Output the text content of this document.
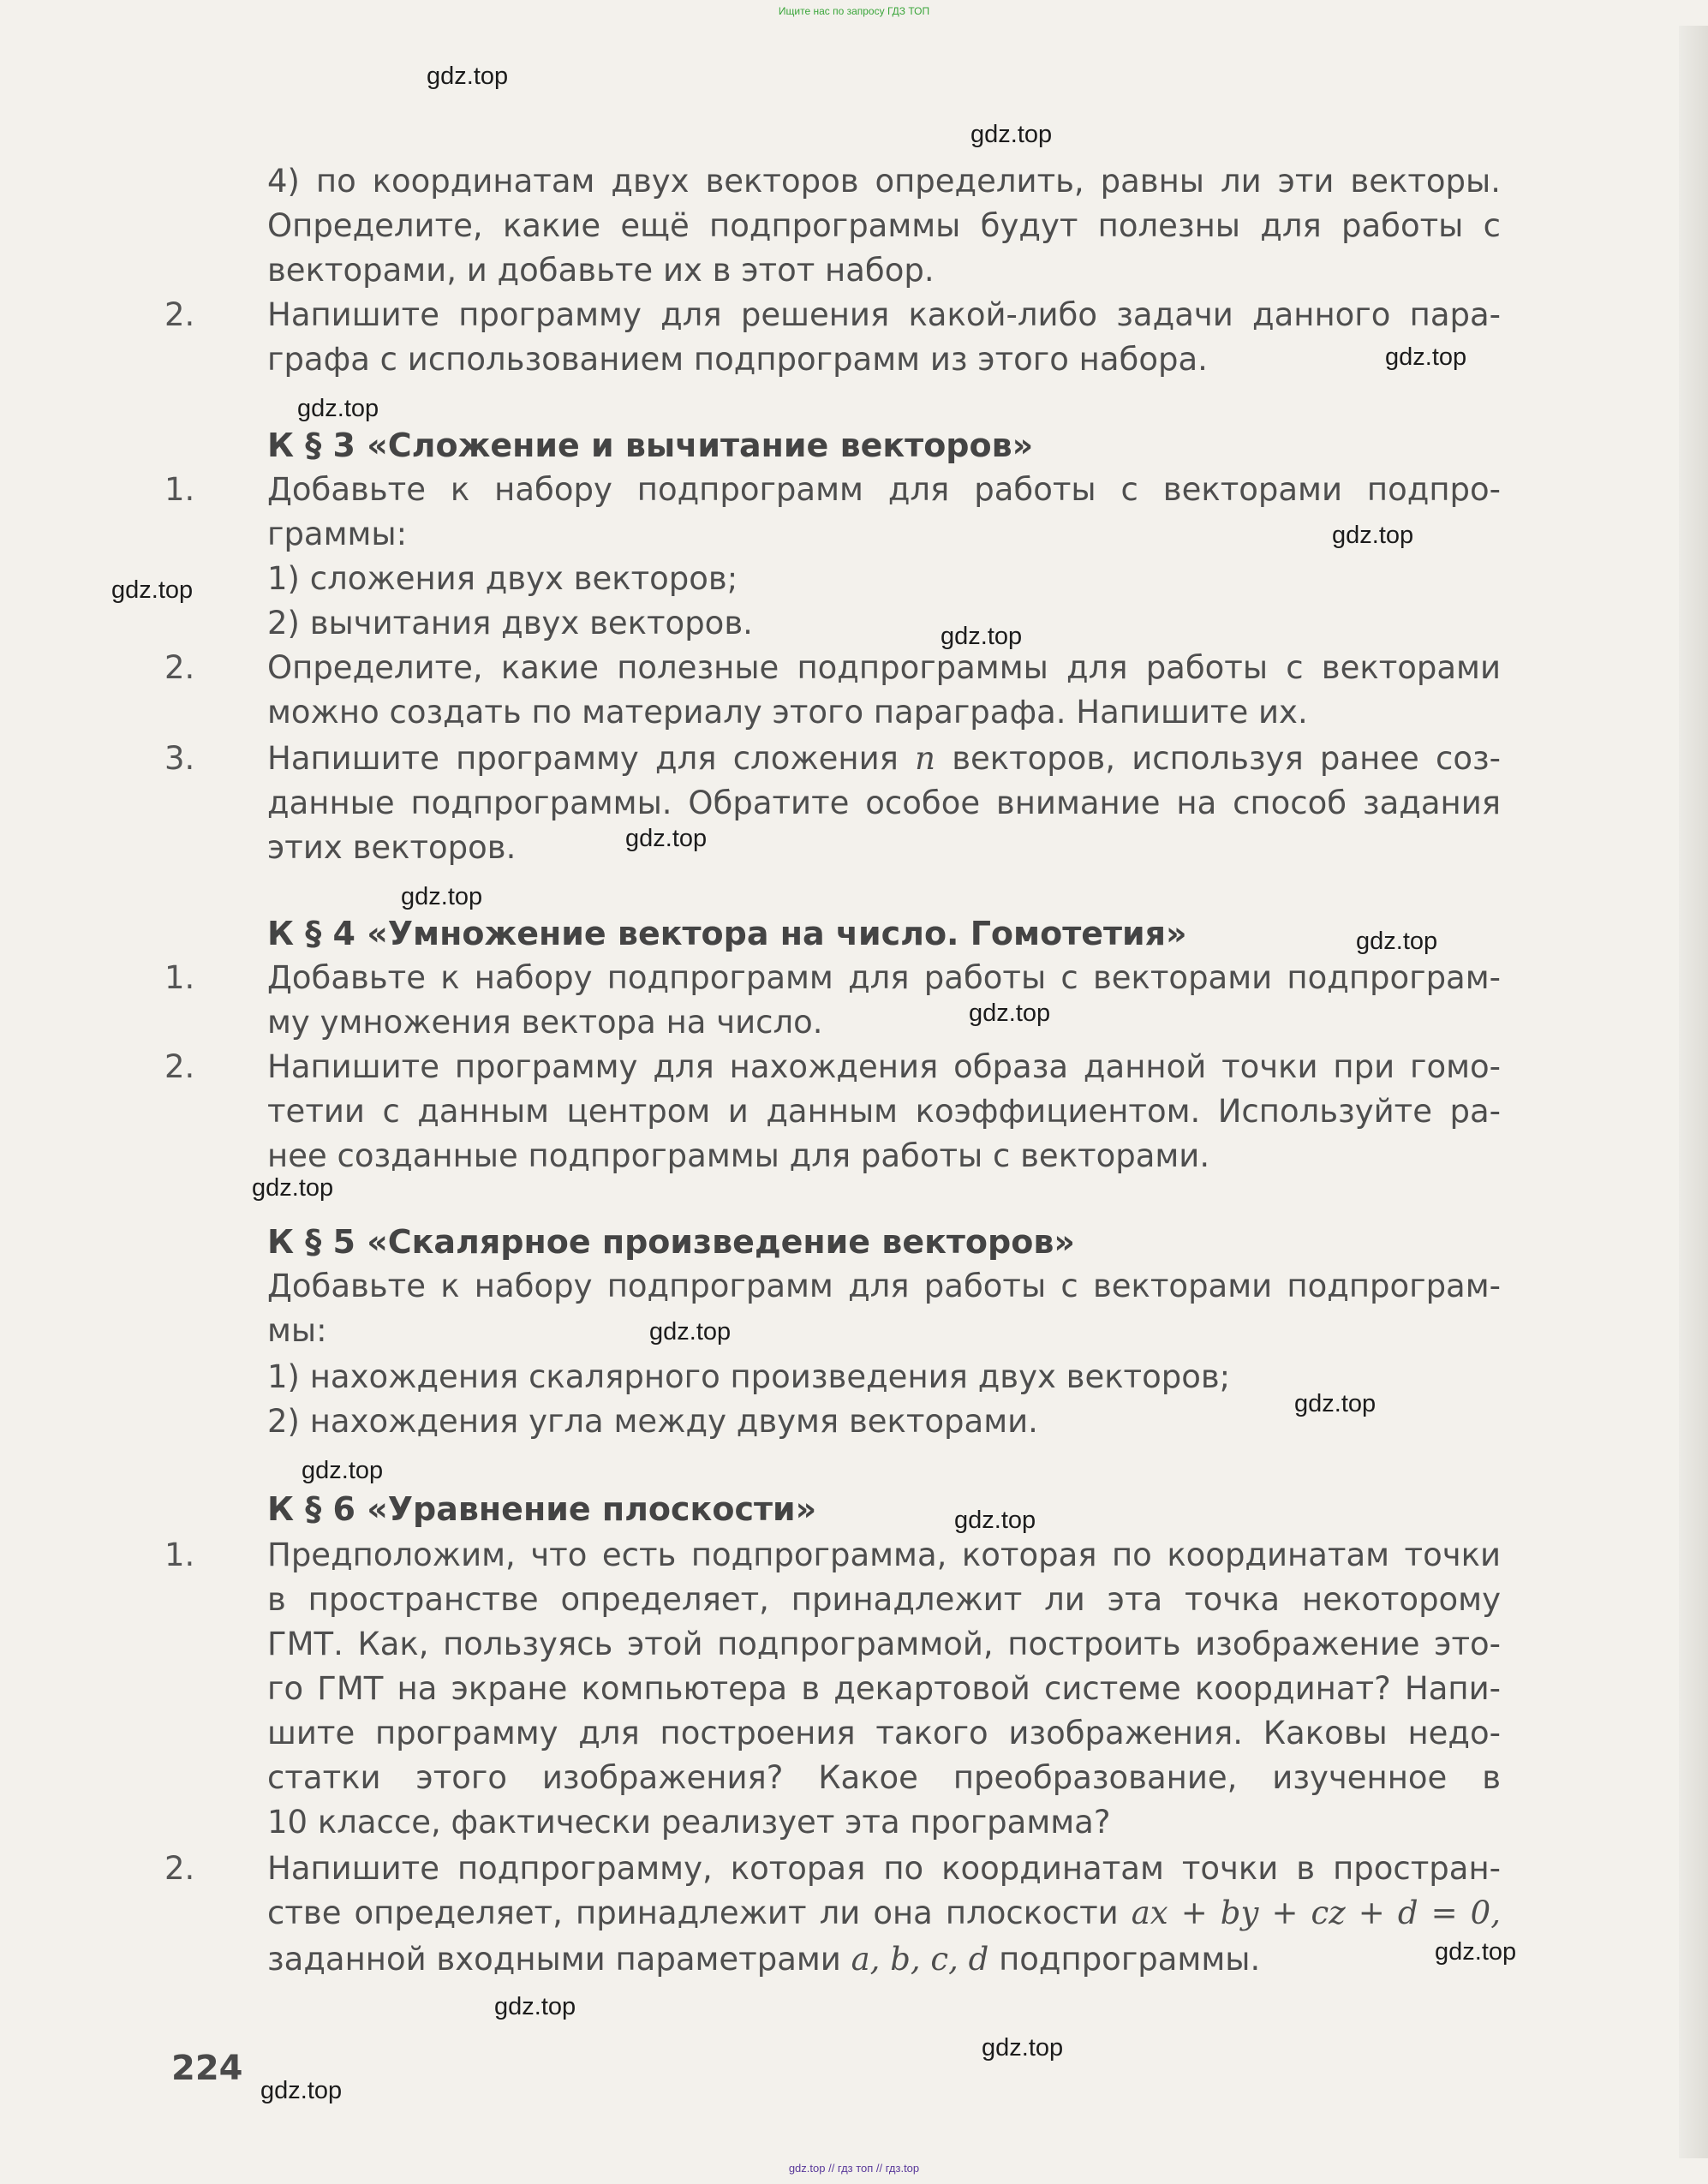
Ищите нас по запросу ГДЗ ТОП
4) по координатам двух векторов определить, равны ли эти векторы.
Определите, какие ещё подпрограммы будут полезны для работы с
векторами, и добавьте их в этот набор.
2. Напишите программу для решения какой-либо задачи данного пара-
графа с использованием подпрограмм из этого набора.
К § 3 «Сложение и вычитание векторов»
1. Добавьте к набору подпрограмм для работы с векторами подпро-
граммы:
1) сложения двух векторов;
2) вычитания двух векторов.
2. Определите, какие полезные подпрограммы для работы с векторами
можно создать по материалу этого параграфа. Напишите их.
3. Напишите программу для сложения n векторов, используя ранее соз-
данные подпрограммы. Обратите особое внимание на способ задания
этих векторов.
К § 4 «Умножение вектора на число. Гомотетия»
1. Добавьте к набору подпрограмм для работы с векторами подпрограм-
му умножения вектора на число.
2. Напишите программу для нахождения образа данной точки при гомо-
тетии с данным центром и данным коэффициентом. Используйте ра-
нее созданные подпрограммы для работы с векторами.
К § 5 «Скалярное произведение векторов»
Добавьте к набору подпрограмм для работы с векторами подпрограм-
мы:
1) нахождения скалярного произведения двух векторов;
2) нахождения угла между двумя векторами.
К § 6 «Уравнение плоскости»
1. Предположим, что есть подпрограмма, которая по координатам точки
в пространстве определяет, принадлежит ли эта точка некоторому
ГМТ. Как, пользуясь этой подпрограммой, построить изображение это-
го ГМТ на экране компьютера в декартовой системе координат? Напи-
шите программу для построения такого изображения. Каковы недо-
статки этого изображения? Какое преобразование, изученное в
10 классе, фактически реализует эта программа?
2. Напишите подпрограмму, которая по координатам точки в простран-
стве определяет, принадлежит ли она плоскости ax + by + cz + d = 0,
заданной входными параметрами a, b, c, d подпрограммы.
224
gdz.top
gdz.top
gdz.top
gdz.top
gdz.top
gdz.top
gdz.top
gdz.top
gdz.top
gdz.top
gdz.top
gdz.top
gdz.top
gdz.top
gdz.top
gdz.top
gdz.top
gdz.top
gdz.top
gdz.top
gdz.top // гдз топ // гдз.top
